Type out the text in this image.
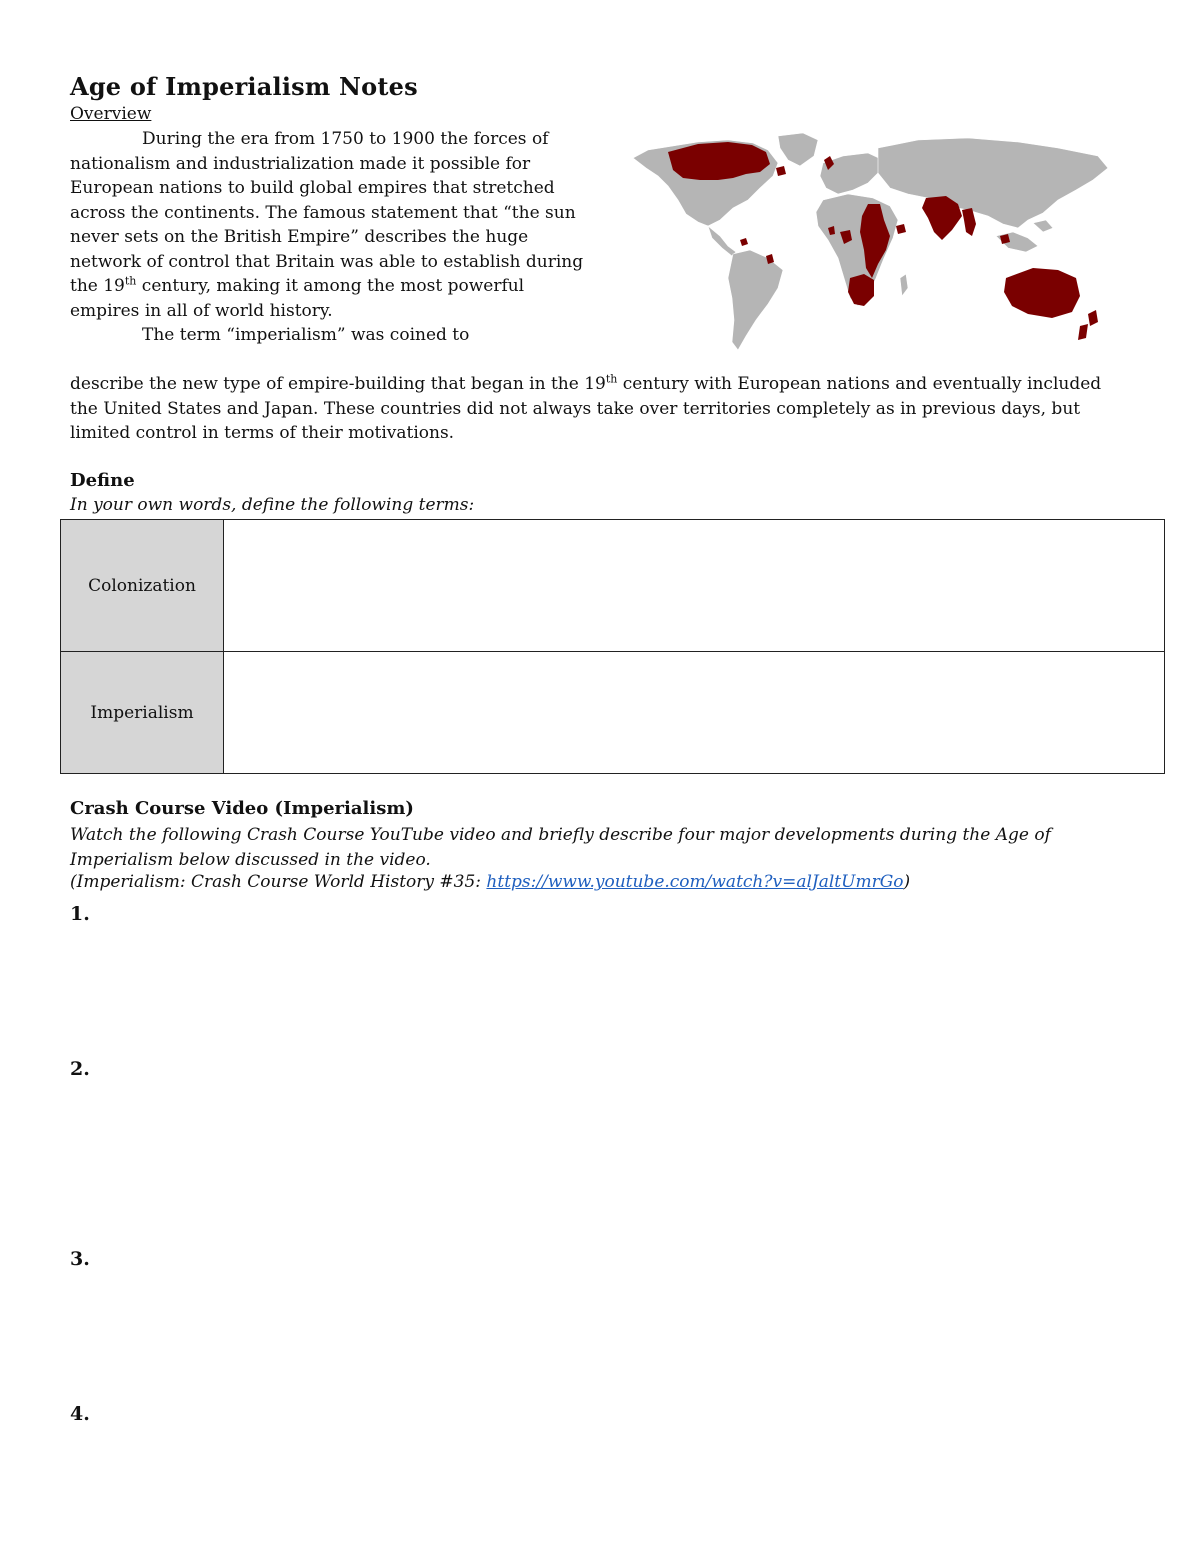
Age of Imperialism Notes
Overview

During the era from 1750 to 1900 the forces of nationalism and industrialization made it possible for European nations to build global empires that stretched across the continents. The famous statement that “the sun never sets on the British Empire” describes the huge network of control that Britain was able to establish during the 19th century, making it among the most powerful empires in all of world history.

The term “imperialism” was coined to

describe the new type of empire-building that began in the 19th century with European nations and eventually included the United States and Japan. These countries did not always take over territories completely as in previous days, but limited control in terms of their motivations.

Define
In your own words, define the following terms:
Colonization	
Imperialism	
Crash Course Video (Imperialism)
Watch the following Crash Course YouTube video and briefly describe four major developments during the Age of Imperialism below discussed in the video.
(Imperialism: Crash Course World History #35: https://www.youtube.com/watch?v=alJaltUmrGo)
1.
2.
3.
4.
